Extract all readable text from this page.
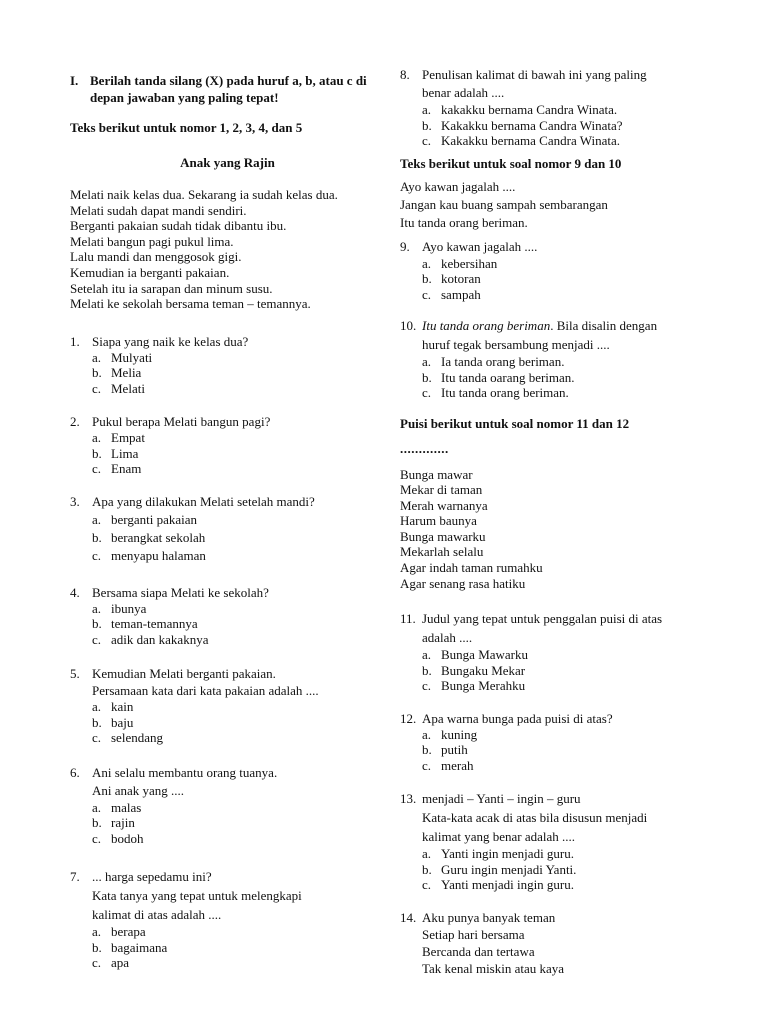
I. Berilah tanda silang (X) pada huruf a, b, atau c di depan jawaban yang paling tepat!
Teks berikut untuk nomor 1, 2, 3, 4, dan 5
Anak yang Rajin
Melati naik kelas dua. Sekarang ia sudah kelas dua.
Melati sudah dapat mandi sendiri.
Berganti pakaian sudah tidak dibantu ibu.
Melati bangun pagi pukul lima.
Lalu mandi dan menggosok gigi.
Kemudian ia berganti pakaian.
Setelah itu ia sarapan dan minum susu.
Melati ke sekolah bersama teman – temannya.
1. Siapa yang naik ke kelas dua?
a. Mulyati
b. Melia
c. Melati
2. Pukul berapa Melati bangun pagi?
a. Empat
b. Lima
c. Enam
3. Apa yang dilakukan Melati setelah mandi?
a. berganti pakaian
b. berangkat sekolah
c. menyapu halaman
4. Bersama siapa Melati ke sekolah?
a. ibunya
b. teman-temannya
c. adik dan kakaknya
5. Kemudian Melati berganti pakaian.
Persamaan kata dari kata pakaian adalah ....
a. kain
b. baju
c. selendang
6. Ani selalu membantu orang tuanya.
Ani anak yang ....
a. malas
b. rajin
c. bodoh
7. ... harga sepedamu ini?
Kata tanya yang tepat untuk melengkapi
kalimat di atas adalah ....
a. berapa
b. bagaimana
c. apa
8. Penulisan kalimat di bawah ini yang paling
benar adalah ....
a. kakakku bernama Candra Winata.
b. Kakakku bernama Candra Winata?
c. Kakakku bernama Candra Winata.
Teks berikut untuk soal nomor 9 dan 10
Ayo kawan jagalah ....
Jangan kau buang sampah sembarangan
Itu tanda orang beriman.
9. Ayo kawan jagalah ....
a. kebersihan
b. kotoran
c. sampah
10. Itu tanda orang beriman. Bila disalin dengan
huruf tegak bersambung menjadi ....
a. Ia tanda orang beriman.
b. Itu tanda oarang beriman.
c. Itu tanda orang beriman.
Puisi berikut untuk soal nomor 11 dan 12
.............
Bunga mawar
Mekar di taman
Merah warnanya
Harum baunya
Bunga mawarku
Mekarlah selalu
Agar indah taman rumahku
Agar senang rasa hatiku
11. Judul yang tepat untuk penggalan puisi di atas
adalah ....
a. Bunga Mawarku
b. Bungaku Mekar
c. Bunga Merahku
12. Apa warna bunga pada puisi di atas?
a. kuning
b. putih
c. merah
13. menjadi – Yanti – ingin – guru
Kata-kata acak di atas bila disusun menjadi
kalimat yang benar adalah ....
a. Yanti ingin menjadi guru.
b. Guru ingin menjadi Yanti.
c. Yanti menjadi ingin guru.
14. Aku punya banyak teman
Setiap hari bersama
Bercanda dan tertawa
Tak kenal miskin atau kaya
